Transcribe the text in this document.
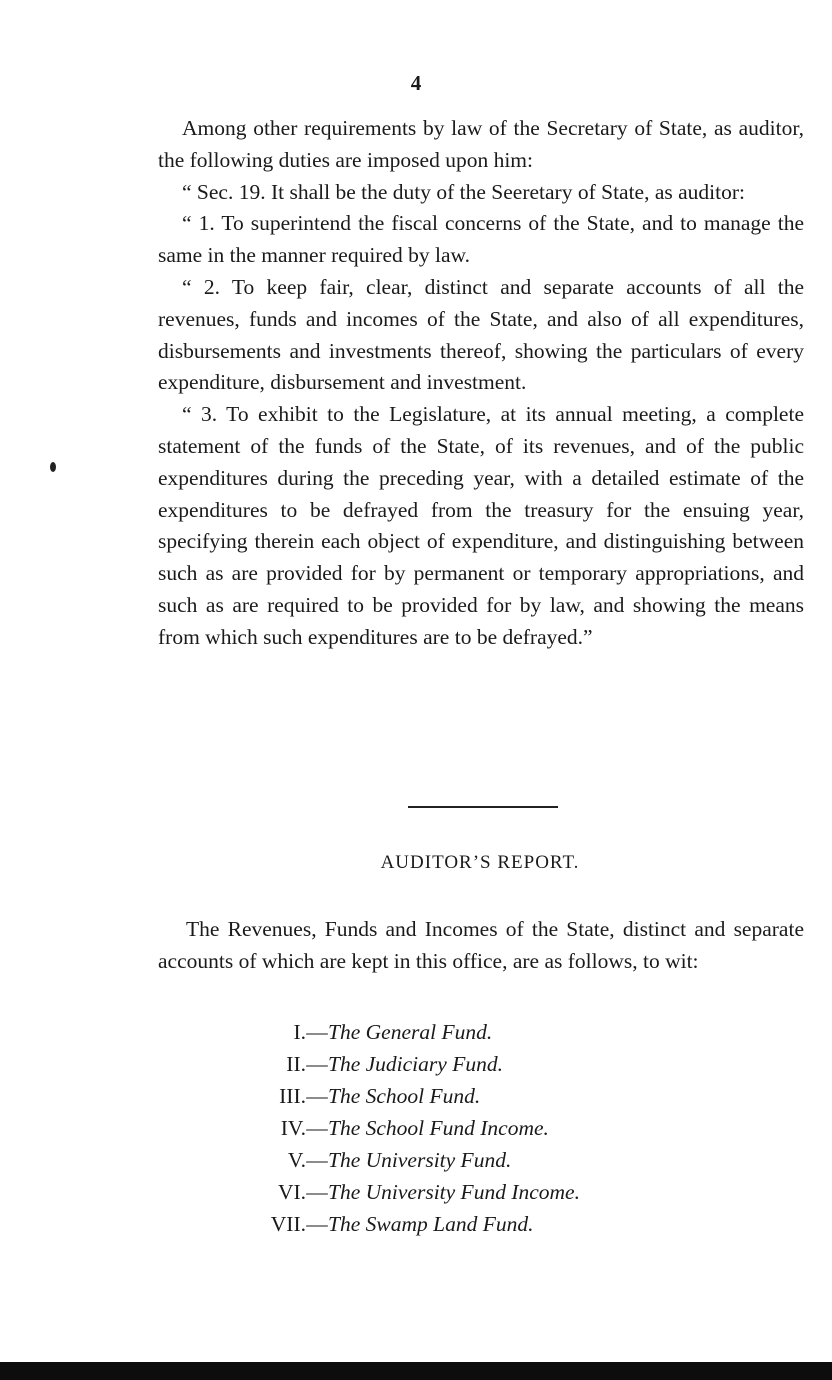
4

Among other requirements by law of the Secretary of State, as auditor, the following duties are imposed upon him:

“ Sec. 19. It shall be the duty of the Seeretary of State, as auditor:

“ 1. To superintend the fiscal concerns of the State, and to manage the same in the manner required by law.

“ 2. To keep fair, clear, distinct and separate accounts of all the revenues, funds and incomes of the State, and also of all expenditures, disbursements and investments thereof, showing the particulars of every expenditure, disbursement and investment.

“ 3. To exhibit to the Legislature, at its annual meeting, a complete statement of the funds of the State, of its revenues, and of the public expenditures during the preceding year, with a detailed estimate of the expenditures to be defrayed from the treasury for the ensuing year, specifying therein each object of expenditure, and distinguishing between such as are provided for by permanent or temporary appropriations, and such as are required to be provided for by law, and showing the means from which such expenditures are to be defrayed.”

AUDITOR’S REPORT.

The Revenues, Funds and Incomes of the State, distinct and separate accounts of which are kept in this office, are as follows, to wit:

I. — The General Fund.
II. — The Judiciary Fund.
III. — The School Fund.
IV. — The School Fund Income.
V. — The University Fund.
VI. — The University Fund Income.
VII. — The Swamp Land Fund.
